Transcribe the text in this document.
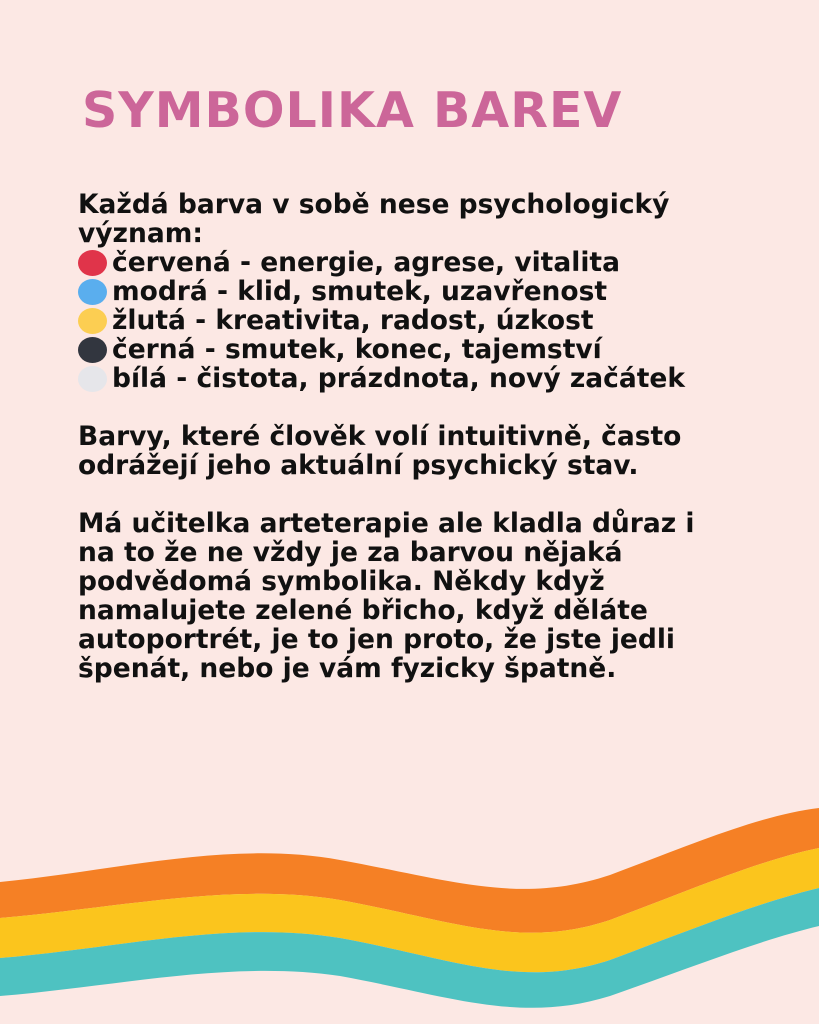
SYMBOLIKA BAREV

Každá barva v sobě nese psychologický význam:

červená - energie, agrese, vitalita
modrá - klid, smutek, uzavřenost
žlutá - kreativita, radost, úzkost
černá - smutek, konec, tajemství
bílá - čistota, prázdnota, nový začátek

Barvy, které člověk volí intuitivně, často odrážejí jeho aktuální psychický stav.

Má učitelka arteterapie ale kladla důraz i na to že ne vždy je za barvou nějaká podvědomá symbolika. Někdy když namalujete zelené břicho, když děláte autoportrét, je to jen proto, že jste jedli špenát, nebo je vám fyzicky špatně.
